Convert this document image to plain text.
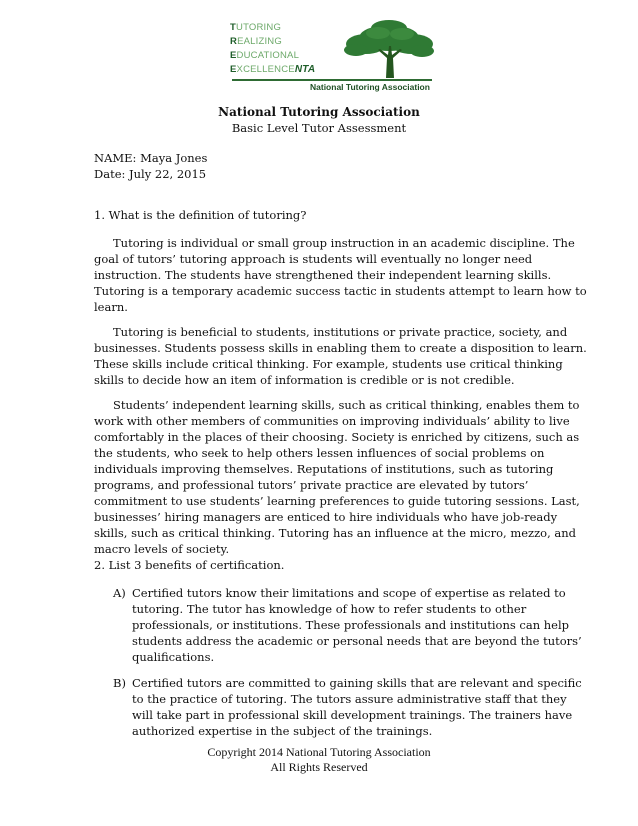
TUTORING
REALIZING
EDUCATIONAL
EXCELLENCENTA
National Tutoring Association
National Tutoring Association
Basic Level Tutor Assessment
NAME: Maya Jones
Date: July 22, 2015
1. What is the definition of tutoring?
Tutoring is individual or small group instruction in an academic discipline. The
goal of tutors’ tutoring approach is students will eventually no longer need
instruction. The students have strengthened their independent learning skills.
Tutoring is a temporary academic success tactic in students attempt to learn how to
learn.
Tutoring is beneficial to students, institutions or private practice, society, and
businesses. Students possess skills in enabling them to create a disposition to learn.
These skills include critical thinking. For example, students use critical thinking
skills to decide how an item of information is credible or is not credible.
Students’ independent learning skills, such as critical thinking, enables them to
work with other members of communities on improving individuals’ ability to live
comfortably in the places of their choosing. Society is enriched by citizens, such as
the students, who seek to help others lessen influences of social problems on
individuals improving themselves. Reputations of institutions, such as tutoring
programs, and professional tutors’ private practice are elevated by tutors’
commitment to use students’ learning preferences to guide tutoring sessions. Last,
businesses’ hiring managers are enticed to hire individuals who have job-ready
skills, such as critical thinking. Tutoring has an influence at the micro, mezzo, and
macro levels of society.
2. List 3 benefits of certification.
A) Certified tutors know their limitations and scope of expertise as related to
tutoring. The tutor has knowledge of how to refer students to other
professionals, or institutions. These professionals and institutions can help
students address the academic or personal needs that are beyond the tutors’
qualifications.
B) Certified tutors are committed to gaining skills that are relevant and specific
to the practice of tutoring. The tutors assure administrative staff that they
will take part in professional skill development trainings. The trainers have
authorized expertise in the subject of the trainings.
Copyright 2014 National Tutoring Association
All Rights Reserved
